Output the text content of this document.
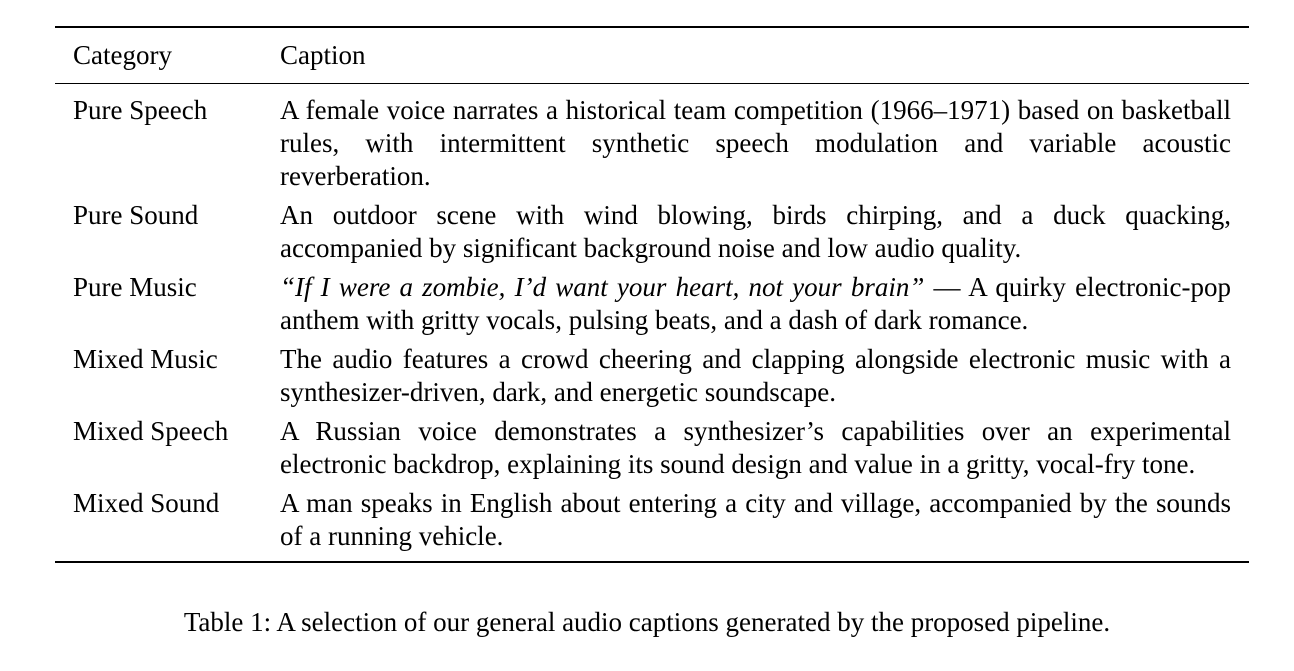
Category	Caption
Pure Speech	A female voice narrates a historical team competition (1966–1971) based on basketball rules, with intermittent synthetic speech modulation and variable acoustic reverberation.
Pure Sound	An outdoor scene with wind blowing, birds chirping, and a duck quacking, accompanied by significant background noise and low audio quality.
Pure Music	“If I were a zombie, I’d want your heart, not your brain” — A quirky electronic-pop anthem with gritty vocals, pulsing beats, and a dash of dark romance.
Mixed Music	The audio features a crowd cheering and clapping alongside electronic music with a synthesizer-driven, dark, and energetic soundscape.
Mixed Speech	A Russian voice demonstrates a synthesizer’s capabilities over an experimental electronic backdrop, explaining its sound design and value in a gritty, vocal-fry tone.
Mixed Sound	A man speaks in English about entering a city and village, accompanied by the sounds of a running vehicle.
Table 1: A selection of our general audio captions generated by the proposed pipeline.
